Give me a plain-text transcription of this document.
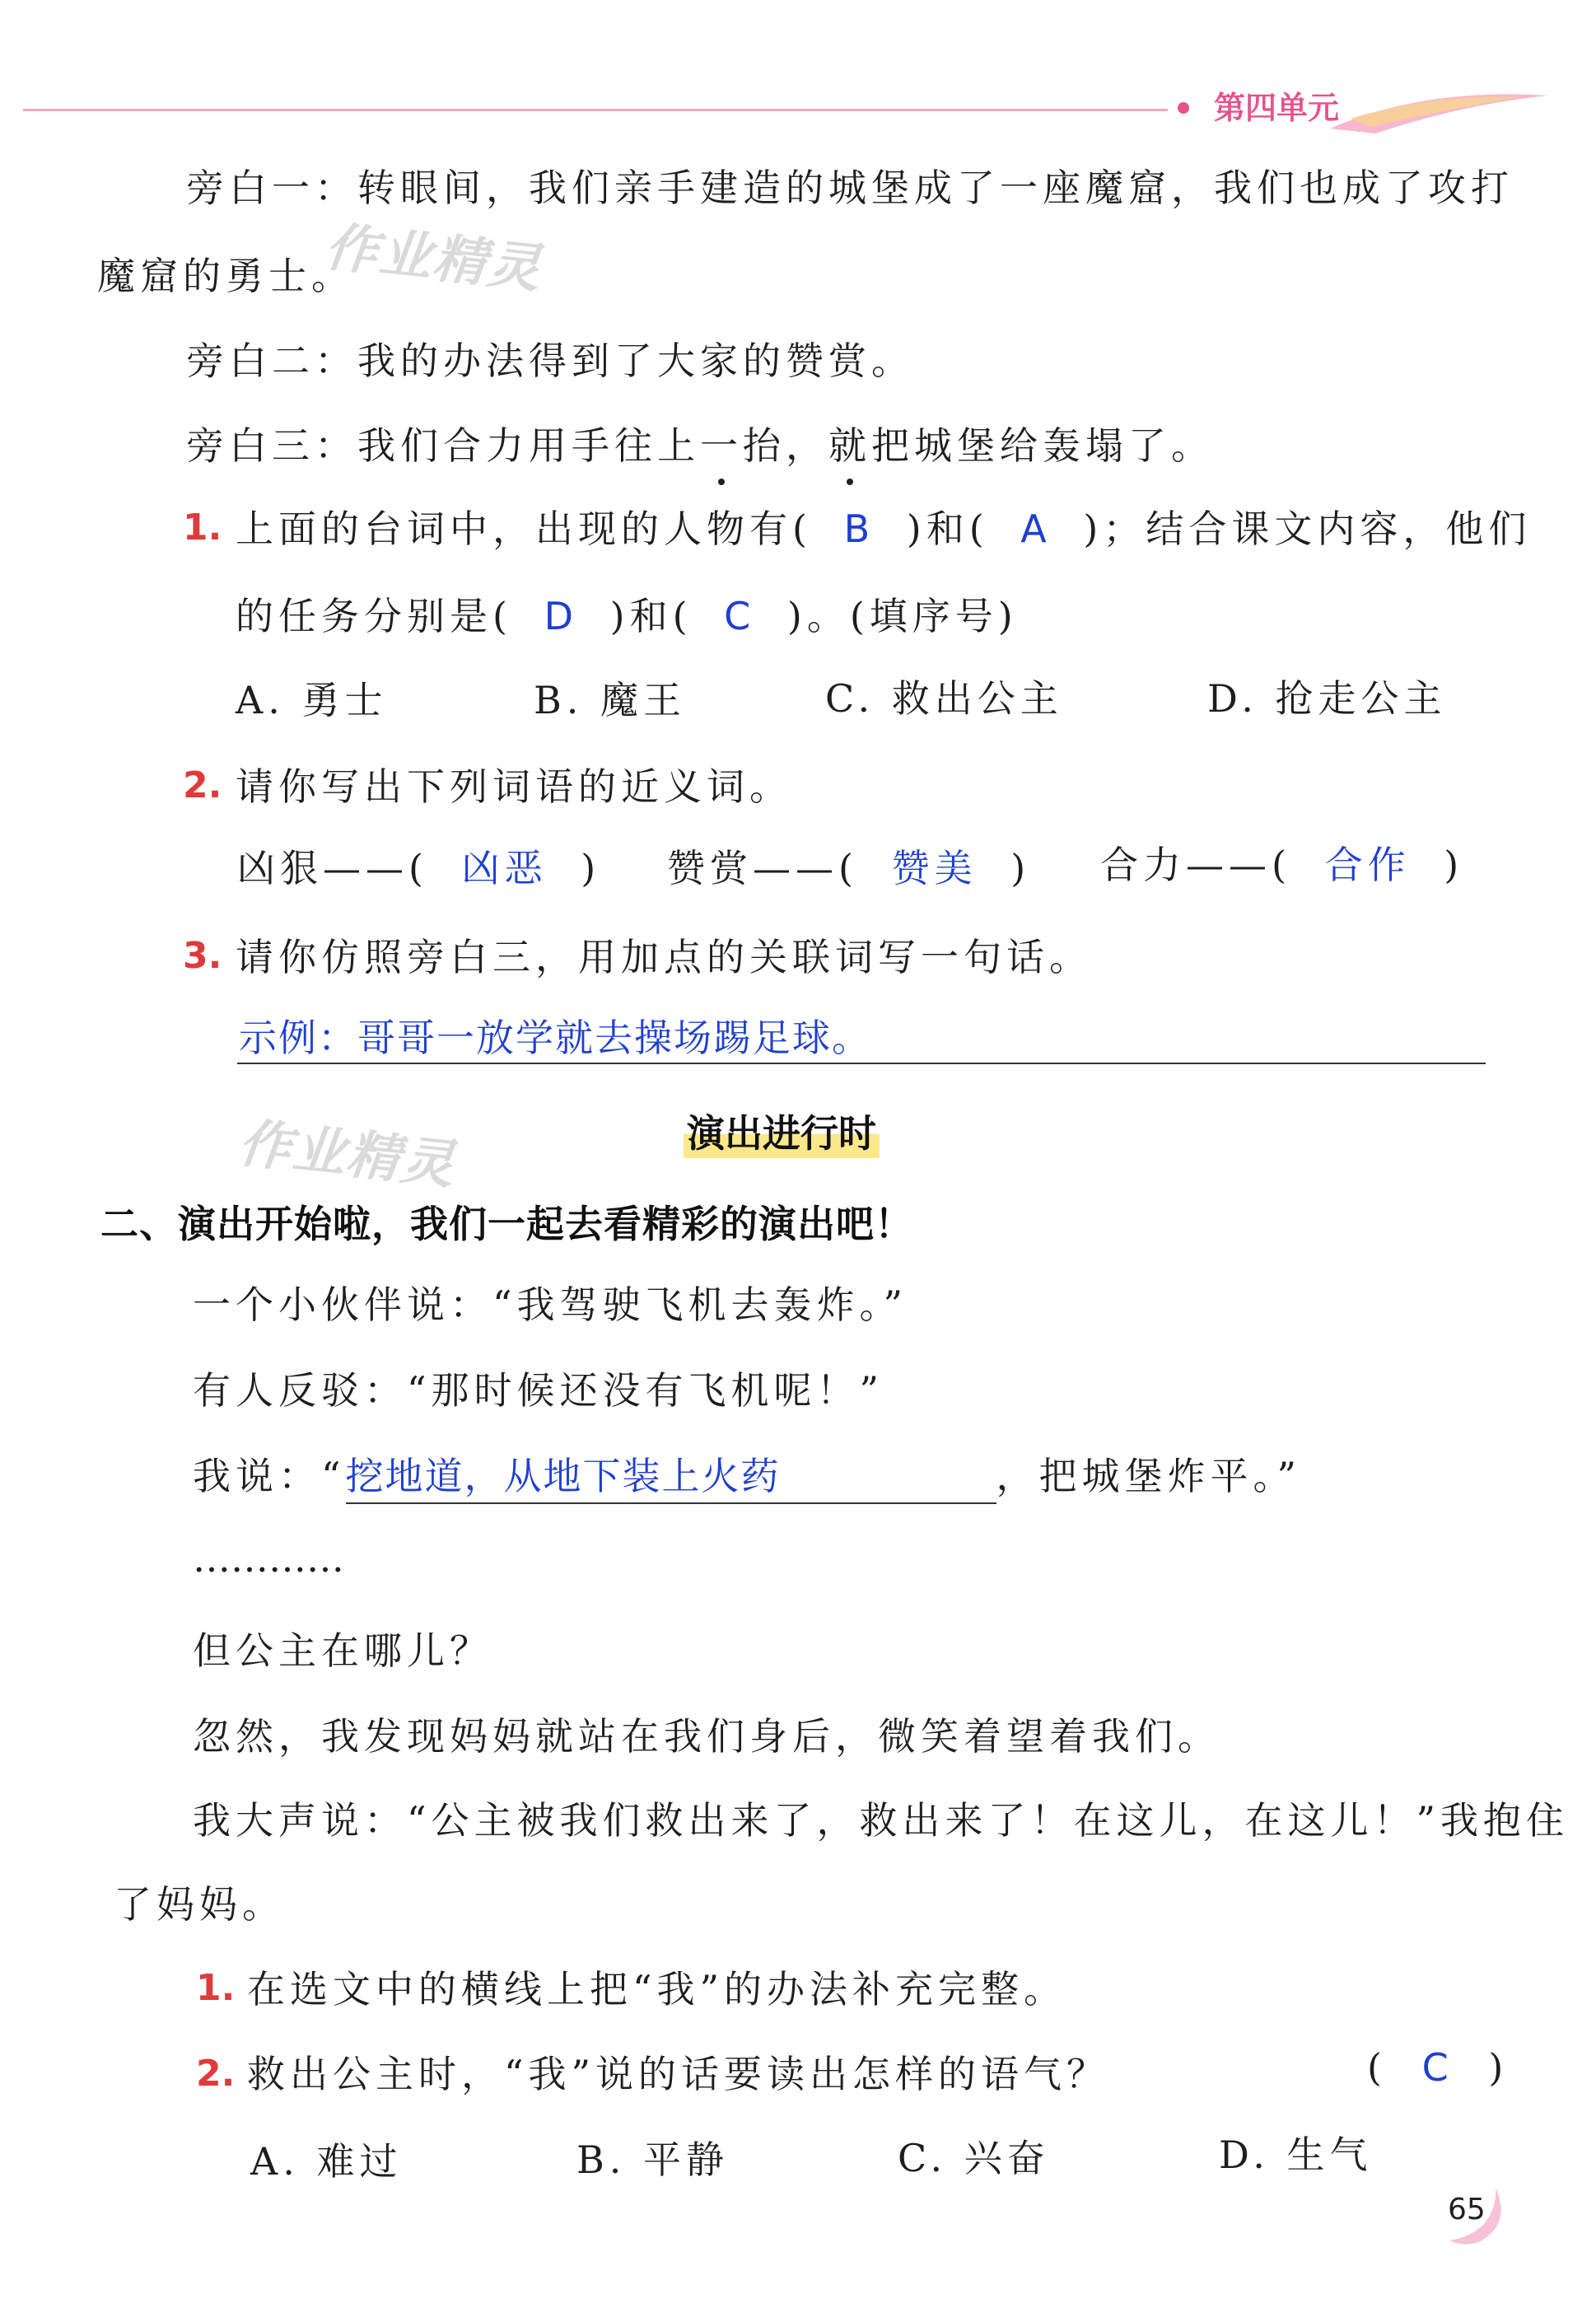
第四单元
作业精灵
作业精灵
旁白一：转眼间，我们亲手建造的城堡成了一座魔窟，我们也成了攻打
魔窟的勇士。
旁白二：我的办法得到了大家的赞赏。
旁白三：我们合力用手往上一抬，就把城堡给轰塌了。
1. 上面的台词中，出现的人物有( B )和( A )；结合课文内容，他们
的任务分别是( D )和( C )。(填序号)
A. 勇士	B. 魔王	C. 救出公主	D. 抢走公主
2. 请你写出下列词语的近义词。
凶狠——( 凶恶 ) 赞赏——( 赞美 ) 合力——( 合作 )
3. 请你仿照旁白三，用加点的关联词写一句话。
示例：哥哥一放学就去操场踢足球。
演出进行时
二、演出开始啦，我们一起去看精彩的演出吧！
一个小伙伴说：“我驾驶飞机去轰炸。”
有人反驳：“那时候还没有飞机呢！”
我说：“挖地道，从地下装上火药	，把城堡炸平。”
…………
但公主在哪儿？
忽然，我发现妈妈就站在我们身后，微笑着望着我们。
我大声说：“公主被我们救出来了，救出来了！在这儿，在这儿！”我抱住
了妈妈。
1. 在选文中的横线上把“我”的办法补充完整。
2. 救出公主时，“我”说的话要读出怎样的语气？	( C )
A. 难过	B. 平静	C. 兴奋	D. 生气
65
